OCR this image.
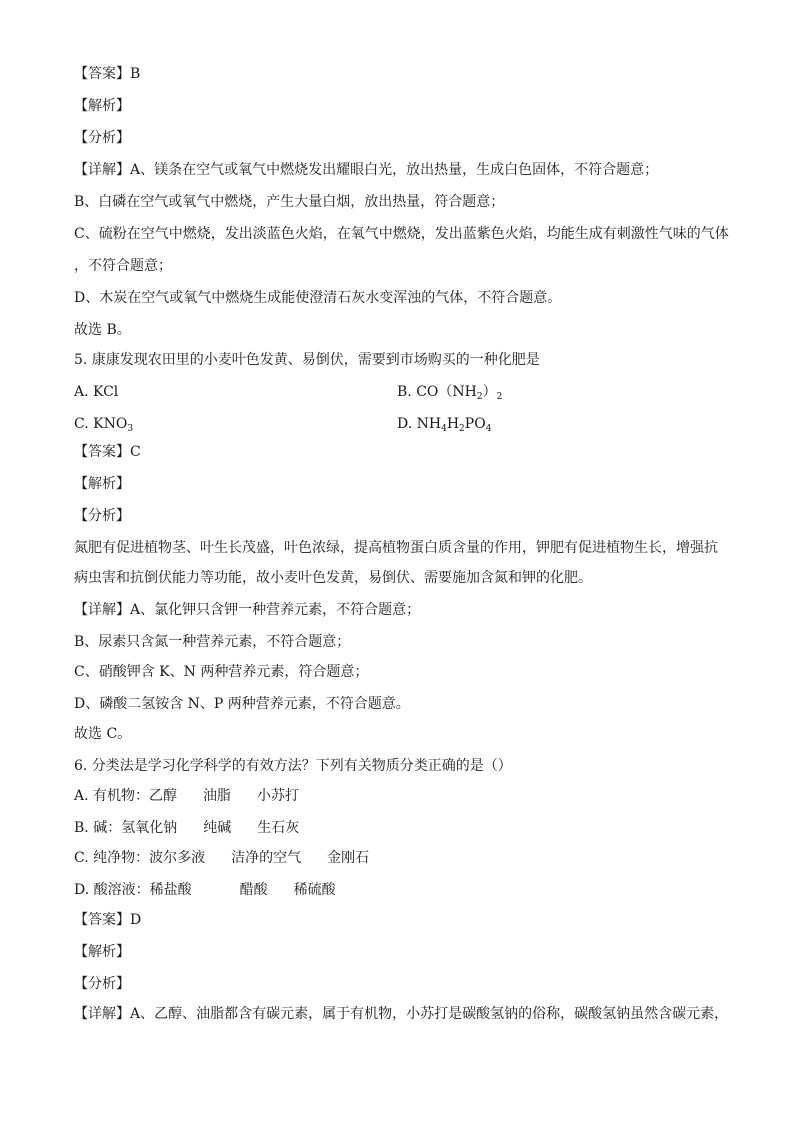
【答案】B
【解析】
【分析】
【详解】A、镁条在空气或氧气中燃烧发出耀眼白光，放出热量，生成白色固体，不符合题意；
B、白磷在空气或氧气中燃烧，产生大量白烟，放出热量，符合题意；
C、硫粉在空气中燃烧，发出淡蓝色火焰，在氧气中燃烧，发出蓝紫色火焰，均能生成有刺激性气味的气体
，不符合题意；
D、木炭在空气或氧气中燃烧生成能使澄清石灰水变浑浊的气体，不符合题意。
故选 B。
5. 康康发现农田里的小麦叶色发黄、易倒伏，需要到市场购买的一种化肥是
A. KCl	B. $CO(NH_2)_2$
C. $KNO_3$	D. $NH_4H_2PO_4$
【答案】C
【解析】
【分析】
氮肥有促进植物茎、叶生长茂盛，叶色浓绿，提高植物蛋白质含量的作用，钾肥有促进植物生长，增强抗
病虫害和抗倒伏能力等功能，故小麦叶色发黄，易倒伏、需要施加含氮和钾的化肥。
【详解】A、氯化钾只含钾一种营养元素，不符合题意；
B、尿素只含氮一种营养元素，不符合题意；
C、硝酸钾含 K、N 两种营养元素，符合题意；
D、磷酸二氢铵含 N、P 两种营养元素，不符合题意。
故选 C。
6. 分类法是学习化学科学的有效方法？下列有关物质分类正确的是（）
A. 有机物：乙醇 油脂 小苏打
B. 碱：氢氧化钠 纯碱 生石灰
C. 纯净物：波尔多液 洁净的空气 金刚石
D. 酸溶液：稀盐酸	醋酸 稀硫酸
【答案】D
【解析】
【分析】
【详解】A、乙醇、油脂都含有碳元素，属于有机物，小苏打是碳酸氢钠的俗称，碳酸氢钠虽然含碳元素，
